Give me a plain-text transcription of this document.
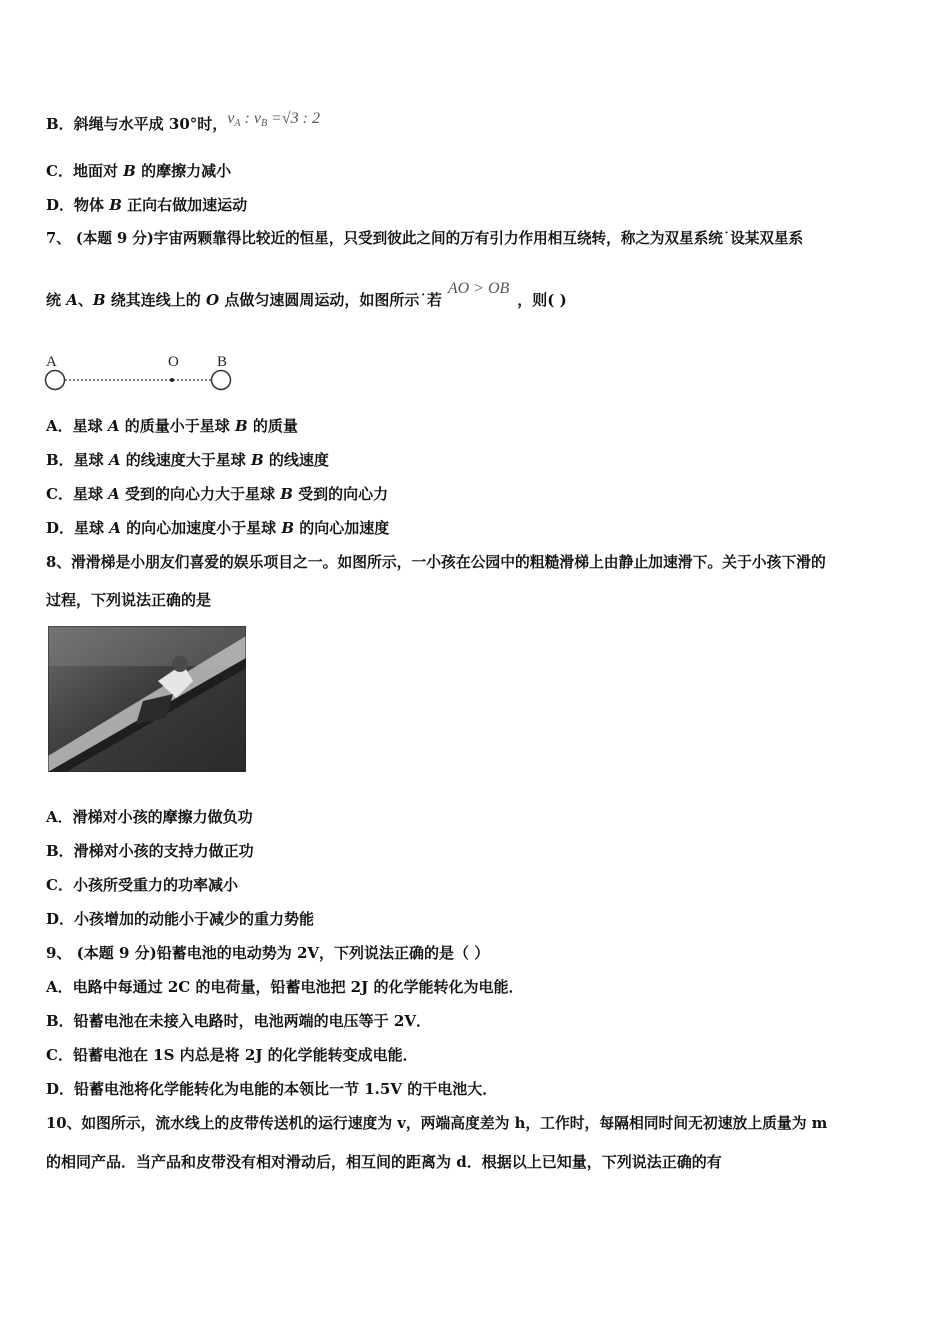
B．斜绳与水平成 30°时，$v_A$ : $v_B =√3$ : 2
C．地面对 B 的摩擦力减小
D．物体 B 正向右做加速运动
7、 (本题 9 分)宇宙两颗靠得比较近的恒星，只受到彼此之间的万有引力作用相互绕转，称之为双星系统˙设某双星系
统 A、B 绕其连线上的 O 点做匀速圆周运动，如图所示˙若AO > OB，则( )
A	O	B
A．星球 A 的质量小于星球 B 的质量
B．星球 A 的线速度大于星球 B 的线速度
C．星球 A 受到的向心力大于星球 B 受到的向心力
D．星球 A 的向心加速度小于星球 B 的向心加速度
8、滑滑梯是小朋友们喜爱的娱乐项目之一。如图所示，一小孩在公园中的粗糙滑梯上由静止加速滑下。关于小孩下滑的
过程，下列说法正确的是
A．滑梯对小孩的摩擦力做负功
B．滑梯对小孩的支持力做正功
C．小孩所受重力的功率减小
D．小孩增加的动能小于减少的重力势能
9、 (本题 9 分)铅蓄电池的电动势为 2V，下列说法正确的是（ ）
A．电路中每通过 2C 的电荷量，铅蓄电池把 2J 的化学能转化为电能．
B．铅蓄电池在未接入电路时，电池两端的电压等于 2V．
C．铅蓄电池在 1S 内总是将 2J 的化学能转变成电能．
D．铅蓄电池将化学能转化为电能的本领比一节 1.5V 的干电池大．
10、如图所示，流水线上的皮带传送机的运行速度为 v，两端高度差为 h，工作时，每隔相同时间无初速放上质量为 m
的相同产品．当产品和皮带没有相对滑动后，相互间的距离为 d．根据以上已知量，下列说法正确的有
